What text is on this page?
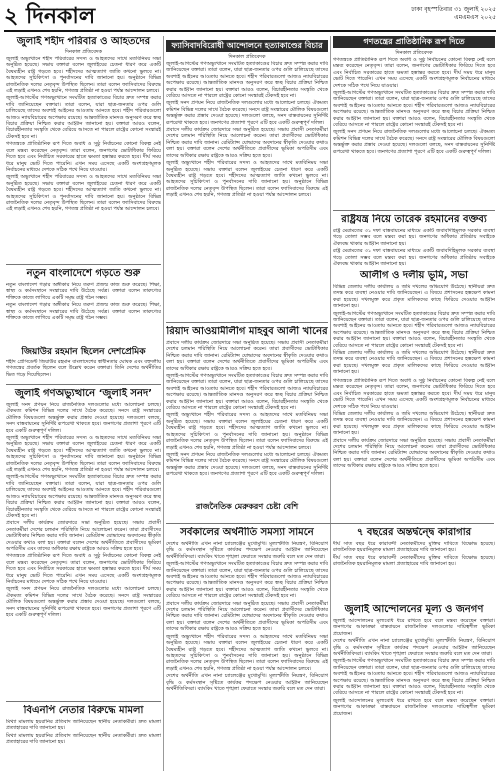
২ দিনকাল	ঢাকা বৃহস্পতিবার ৩১ জুলাই ২০২৫
এমএমএস ২০২৫
জুলাই শহীদ পরিবার ও আহতদের
দিনকাল প্রতিবেদক

জুলাই অভ্যুত্থানে শহীদ পরিবারের সদস্য ও আহতদের সাথে মতবিনিময় সভা অনুষ্ঠিত হয়েছে। সভায় বক্তারা বলেন জুলাইয়ের চেতনা ধারণ করে একটি বৈষম্যহীন রাষ্ট্র গড়তে হবে। শহীদদের আত্মত্যাগ জাতি কখনো ভুলবে না। আহতদের সুচিকিৎসা ও পুনর্বাসনের দাবি জানানো হয়। অনুষ্ঠানে বিভিন্ন রাজনৈতিক দলের নেতৃবৃন্দ উপস্থিত ছিলেন। তারা বলেন ফ্যাসিবাদের বিরুদ্ধে এই লড়াই এখনও শেষ হয়নি, গণতন্ত্র প্রতিষ্ঠা না হওয়া পর্যন্ত আন্দোলন চলবে।

জুলাই-আগস্টের গণঅভ্যুত্থানে সংঘটিত হত্যাকাণ্ডের বিচার দ্রুত সম্পন্ন করার দাবি জানিয়েছেন বক্তারা। তারা বলেন, যারা ছাত্র-জনতার ওপর গুলি চালিয়েছে তাদের অবশ্যই আইনের আওতায় আনতে হবে। শহীদ পরিবারগুলো আজও ন্যায়বিচারের অপেক্ষায় রয়েছে। আন্তর্জাতিক মানদণ্ড অনুসরণ করে স্বচ্ছ বিচার প্রক্রিয়া নিশ্চিত করার আহ্বান জানানো হয়। বক্তারা আরও বলেন, বিচারহীনতার সংস্কৃতি থেকে বেরিয়ে আসতে না পারলে রাষ্ট্রের কোনো সংস্কারই টেকসই হবে না।

গণতন্ত্রকে প্রাতিষ্ঠানিক রূপ দিতে অবাধ ও সুষ্ঠু নির্বাচনের কোনো বিকল্প নেই বলে মন্তব্য করেছেন নেতৃবৃন্দ। তারা বলেন, জনগণের ভোটাধিকার ফিরিয়ে দিতে হবে এবং নির্বাচিত সরকারের হাতে ক্ষমতা হস্তান্তর করতে হবে। দীর্ঘ সময় ধরে মানুষ ভোট দিতে পারেনি। এখন সময় এসেছে একটি অংশগ্রহণমূলক নির্বাচনের মাধ্যমে দেশকে সঠিক পথে নিয়ে যাওয়ার।

জুলাই অভ্যুত্থানে শহীদ পরিবারের সদস্য ও আহতদের সাথে মতবিনিময় সভা অনুষ্ঠিত হয়েছে। সভায় বক্তারা বলেন জুলাইয়ের চেতনা ধারণ করে একটি বৈষম্যহীন রাষ্ট্র গড়তে হবে। শহীদদের আত্মত্যাগ জাতি কখনো ভুলবে না। আহতদের সুচিকিৎসা ও পুনর্বাসনের দাবি জানানো হয়। অনুষ্ঠানে বিভিন্ন রাজনৈতিক দলের নেতৃবৃন্দ উপস্থিত ছিলেন। তারা বলেন ফ্যাসিবাদের বিরুদ্ধে এই লড়াই এখনও শেষ হয়নি, গণতন্ত্র প্রতিষ্ঠা না হওয়া পর্যন্ত আন্দোলন চলবে।

ফ্যাসিবাদবিরোধী আন্দোলনে হত্যাকাণ্ডের বিচার
দিনকাল প্রতিবেদক

জুলাই-আগস্টের গণঅভ্যুত্থানে সংঘটিত হত্যাকাণ্ডের বিচার দ্রুত সম্পন্ন করার দাবি জানিয়েছেন বক্তারা। তারা বলেন, যারা ছাত্র-জনতার ওপর গুলি চালিয়েছে তাদের অবশ্যই আইনের আওতায় আনতে হবে। শহীদ পরিবারগুলো আজও ন্যায়বিচারের অপেক্ষায় রয়েছে। আন্তর্জাতিক মানদণ্ড অনুসরণ করে স্বচ্ছ বিচার প্রক্রিয়া নিশ্চিত করার আহ্বান জানানো হয়। বক্তারা আরও বলেন, বিচারহীনতার সংস্কৃতি থেকে বেরিয়ে আসতে না পারলে রাষ্ট্রের কোনো সংস্কারই টেকসই হবে না।

জুলাই সনদ প্রণয়ন নিয়ে রাজনৈতিক দলগুলোর মধ্যে আলোচনা চলছে। ঐকমত্য কমিশন বিভিন্ন দলের সাথে বৈঠক করেছে। সনদে রাষ্ট্র সংস্কারের মৌলিক বিষয়গুলো অন্তর্ভুক্ত করার প্রস্তাব দেওয়া হয়েছে। দলগুলো বলছে, সনদ বাস্তবায়নের সুনির্দিষ্ট রূপরেখা থাকতে হবে। জনগণের প্রত্যাশা পূরণে এটি হবে একটি গুরুত্বপূর্ণ দলিল।

প্রবাসে দলীয় কার্যক্রম জোরদারে সভা অনুষ্ঠিত হয়েছে। সভায় প্রবাসী নেতাকর্মীরা দেশের চলমান পরিস্থিতি নিয়ে আলোচনা করেন। তারা প্রবাসীদের ভোটাধিকার নিশ্চিত করার দাবি জানান। রেমিট্যান্স যোদ্ধাদের অবদানের স্বীকৃতি দেওয়ার কথাও বলা হয়। বক্তারা বলেন দেশের অর্থনীতিতে প্রবাসীদের ভূমিকা অপরিসীম এবং তাদের অধিকার রক্ষায় রাষ্ট্রকে আরও সক্রিয় হতে হবে।

জুলাই অভ্যুত্থানে শহীদ পরিবারের সদস্য ও আহতদের সাথে মতবিনিময় সভা অনুষ্ঠিত হয়েছে। সভায় বক্তারা বলেন জুলাইয়ের চেতনা ধারণ করে একটি বৈষম্যহীন রাষ্ট্র গড়তে হবে। শহীদদের আত্মত্যাগ জাতি কখনো ভুলবে না। আহতদের সুচিকিৎসা ও পুনর্বাসনের দাবি জানানো হয়। অনুষ্ঠানে বিভিন্ন রাজনৈতিক দলের নেতৃবৃন্দ উপস্থিত ছিলেন। তারা বলেন ফ্যাসিবাদের বিরুদ্ধে এই লড়াই এখনও শেষ হয়নি, গণতন্ত্র প্রতিষ্ঠা না হওয়া পর্যন্ত আন্দোলন চলবে।

গণতন্ত্রের প্রাতিষ্ঠানিক রূপ দিতে
দিনকাল প্রতিবেদক

গণতন্ত্রকে প্রাতিষ্ঠানিক রূপ দিতে অবাধ ও সুষ্ঠু নির্বাচনের কোনো বিকল্প নেই বলে মন্তব্য করেছেন নেতৃবৃন্দ। তারা বলেন, জনগণের ভোটাধিকার ফিরিয়ে দিতে হবে এবং নির্বাচিত সরকারের হাতে ক্ষমতা হস্তান্তর করতে হবে। দীর্ঘ সময় ধরে মানুষ ভোট দিতে পারেনি। এখন সময় এসেছে একটি অংশগ্রহণমূলক নির্বাচনের মাধ্যমে দেশকে সঠিক পথে নিয়ে যাওয়ার।

জুলাই-আগস্টের গণঅভ্যুত্থানে সংঘটিত হত্যাকাণ্ডের বিচার দ্রুত সম্পন্ন করার দাবি জানিয়েছেন বক্তারা। তারা বলেন, যারা ছাত্র-জনতার ওপর গুলি চালিয়েছে তাদের অবশ্যই আইনের আওতায় আনতে হবে। শহীদ পরিবারগুলো আজও ন্যায়বিচারের অপেক্ষায় রয়েছে। আন্তর্জাতিক মানদণ্ড অনুসরণ করে স্বচ্ছ বিচার প্রক্রিয়া নিশ্চিত করার আহ্বান জানানো হয়। বক্তারা আরও বলেন, বিচারহীনতার সংস্কৃতি থেকে বেরিয়ে আসতে না পারলে রাষ্ট্রের কোনো সংস্কারই টেকসই হবে না।

জুলাই সনদ প্রণয়ন নিয়ে রাজনৈতিক দলগুলোর মধ্যে আলোচনা চলছে। ঐকমত্য কমিশন বিভিন্ন দলের সাথে বৈঠক করেছে। সনদে রাষ্ট্র সংস্কারের মৌলিক বিষয়গুলো অন্তর্ভুক্ত করার প্রস্তাব দেওয়া হয়েছে। দলগুলো বলছে, সনদ বাস্তবায়নের সুনির্দিষ্ট রূপরেখা থাকতে হবে। জনগণের প্রত্যাশা পূরণে এটি হবে একটি গুরুত্বপূর্ণ দলিল।

রাষ্ট্রযন্ত্র নিয়ে তারেক রহমানের বক্তব্য

রাষ্ট্র মেরামতের ৩১ দফা বাস্তবায়নের মাধ্যমে একটি জবাবদিহিমূলক সরকার ব্যবস্থা গড়ে তোলা সম্ভব বলে মন্তব্য করা হয়। জনগণের অধিকার প্রতিষ্ঠায় সবাইকে ঐক্যবদ্ধ থাকার আহ্বান জানানো হয়।

রাষ্ট্র মেরামতের ৩১ দফা বাস্তবায়নের মাধ্যমে একটি জবাবদিহিমূলক সরকার ব্যবস্থা গড়ে তোলা সম্ভব বলে মন্তব্য করা হয়। জনগণের অধিকার প্রতিষ্ঠায় সবাইকে ঐক্যবদ্ধ থাকার আহ্বান জানানো হয়।

আলীগ ও দলীয় ভূমি, সভা

বিভিন্ন জেলায় দলীয় কার্যালয় ও জমি দখলের অভিযোগ উঠেছে। স্থানীয়রা দ্রুত তদন্ত করে ব্যবস্থা নেওয়ার দাবি জানিয়েছেন। এ বিষয়ে প্রশাসনের হস্তক্ষেপ কামনা করা হয়েছে। দখলমুক্ত করে প্রকৃত মালিকদের কাছে ফিরিয়ে দেওয়ার আহ্বান জানানো হয়।

জুলাই-আগস্টের গণঅভ্যুত্থানে সংঘটিত হত্যাকাণ্ডের বিচার দ্রুত সম্পন্ন করার দাবি জানিয়েছেন বক্তারা। তারা বলেন, যারা ছাত্র-জনতার ওপর গুলি চালিয়েছে তাদের অবশ্যই আইনের আওতায় আনতে হবে। শহীদ পরিবারগুলো আজও ন্যায়বিচারের অপেক্ষায় রয়েছে। আন্তর্জাতিক মানদণ্ড অনুসরণ করে স্বচ্ছ বিচার প্রক্রিয়া নিশ্চিত করার আহ্বান জানানো হয়। বক্তারা আরও বলেন, বিচারহীনতার সংস্কৃতি থেকে বেরিয়ে আসতে না পারলে রাষ্ট্রের কোনো সংস্কারই টেকসই হবে না।

বিভিন্ন জেলায় দলীয় কার্যালয় ও জমি দখলের অভিযোগ উঠেছে। স্থানীয়রা দ্রুত তদন্ত করে ব্যবস্থা নেওয়ার দাবি জানিয়েছেন। এ বিষয়ে প্রশাসনের হস্তক্ষেপ কামনা করা হয়েছে। দখলমুক্ত করে প্রকৃত মালিকদের কাছে ফিরিয়ে দেওয়ার আহ্বান জানানো হয়।

নতুন বাংলাদেশে গড়তে শুরু

নতুন বাংলাদেশ গড়ার অঙ্গীকার নিয়ে তরুণ প্রজন্ম কাজ শুরু করেছে। শিক্ষা, স্বাস্থ্য ও কর্মসংস্থানে সংস্কারের দাবি উঠেছে সর্বত্র। বক্তারা বলেন তারুণ্যের শক্তিকে কাজে লাগিয়ে একটি সমৃদ্ধ রাষ্ট্র গঠন সম্ভব।

নতুন বাংলাদেশ গড়ার অঙ্গীকার নিয়ে তরুণ প্রজন্ম কাজ শুরু করেছে। শিক্ষা, স্বাস্থ্য ও কর্মসংস্থানে সংস্কারের দাবি উঠেছে সর্বত্র। বক্তারা বলেন তারুণ্যের শক্তিকে কাজে লাগিয়ে একটি সমৃদ্ধ রাষ্ট্র গঠন সম্ভব।

জিয়াউর রহমান ছিলেন দেশপ্রেমিক

শহীদ প্রেসিডেন্ট জিয়াউর রহমান বাংলাদেশের স্বাধীনতার ঘোষক এবং বহুদলীয় গণতন্ত্রের প্রবর্তক ছিলেন বলে উল্লেখ করেন বক্তারা। তিনি দেশের অর্থনীতির ভিত গড়ে দিয়েছিলেন।

জুলাই গণঅভ্যুত্থানে ‘জুলাই সনদ’

জুলাই সনদ প্রণয়ন নিয়ে রাজনৈতিক দলগুলোর মধ্যে আলোচনা চলছে। ঐকমত্য কমিশন বিভিন্ন দলের সাথে বৈঠক করেছে। সনদে রাষ্ট্র সংস্কারের মৌলিক বিষয়গুলো অন্তর্ভুক্ত করার প্রস্তাব দেওয়া হয়েছে। দলগুলো বলছে, সনদ বাস্তবায়নের সুনির্দিষ্ট রূপরেখা থাকতে হবে। জনগণের প্রত্যাশা পূরণে এটি হবে একটি গুরুত্বপূর্ণ দলিল।

জুলাই অভ্যুত্থানে শহীদ পরিবারের সদস্য ও আহতদের সাথে মতবিনিময় সভা অনুষ্ঠিত হয়েছে। সভায় বক্তারা বলেন জুলাইয়ের চেতনা ধারণ করে একটি বৈষম্যহীন রাষ্ট্র গড়তে হবে। শহীদদের আত্মত্যাগ জাতি কখনো ভুলবে না। আহতদের সুচিকিৎসা ও পুনর্বাসনের দাবি জানানো হয়। অনুষ্ঠানে বিভিন্ন রাজনৈতিক দলের নেতৃবৃন্দ উপস্থিত ছিলেন। তারা বলেন ফ্যাসিবাদের বিরুদ্ধে এই লড়াই এখনও শেষ হয়নি, গণতন্ত্র প্রতিষ্ঠা না হওয়া পর্যন্ত আন্দোলন চলবে।

জুলাই-আগস্টের গণঅভ্যুত্থানে সংঘটিত হত্যাকাণ্ডের বিচার দ্রুত সম্পন্ন করার দাবি জানিয়েছেন বক্তারা। তারা বলেন, যারা ছাত্র-জনতার ওপর গুলি চালিয়েছে তাদের অবশ্যই আইনের আওতায় আনতে হবে। শহীদ পরিবারগুলো আজও ন্যায়বিচারের অপেক্ষায় রয়েছে। আন্তর্জাতিক মানদণ্ড অনুসরণ করে স্বচ্ছ বিচার প্রক্রিয়া নিশ্চিত করার আহ্বান জানানো হয়। বক্তারা আরও বলেন, বিচারহীনতার সংস্কৃতি থেকে বেরিয়ে আসতে না পারলে রাষ্ট্রের কোনো সংস্কারই টেকসই হবে না।

প্রবাসে দলীয় কার্যক্রম জোরদারে সভা অনুষ্ঠিত হয়েছে। সভায় প্রবাসী নেতাকর্মীরা দেশের চলমান পরিস্থিতি নিয়ে আলোচনা করেন। তারা প্রবাসীদের ভোটাধিকার নিশ্চিত করার দাবি জানান। রেমিট্যান্স যোদ্ধাদের অবদানের স্বীকৃতি দেওয়ার কথাও বলা হয়। বক্তারা বলেন দেশের অর্থনীতিতে প্রবাসীদের ভূমিকা অপরিসীম এবং তাদের অধিকার রক্ষায় রাষ্ট্রকে আরও সক্রিয় হতে হবে।

গণতন্ত্রকে প্রাতিষ্ঠানিক রূপ দিতে অবাধ ও সুষ্ঠু নির্বাচনের কোনো বিকল্প নেই বলে মন্তব্য করেছেন নেতৃবৃন্দ। তারা বলেন, জনগণের ভোটাধিকার ফিরিয়ে দিতে হবে এবং নির্বাচিত সরকারের হাতে ক্ষমতা হস্তান্তর করতে হবে। দীর্ঘ সময় ধরে মানুষ ভোট দিতে পারেনি। এখন সময় এসেছে একটি অংশগ্রহণমূলক নির্বাচনের মাধ্যমে দেশকে সঠিক পথে নিয়ে যাওয়ার।

জুলাই সনদ প্রণয়ন নিয়ে রাজনৈতিক দলগুলোর মধ্যে আলোচনা চলছে। ঐকমত্য কমিশন বিভিন্ন দলের সাথে বৈঠক করেছে। সনদে রাষ্ট্র সংস্কারের মৌলিক বিষয়গুলো অন্তর্ভুক্ত করার প্রস্তাব দেওয়া হয়েছে। দলগুলো বলছে, সনদ বাস্তবায়নের সুনির্দিষ্ট রূপরেখা থাকতে হবে। জনগণের প্রত্যাশা পূরণে এটি হবে একটি গুরুত্বপূর্ণ দলিল।

রিয়াদ আওয়ামীলীগ মাহবুব আলী খানের

প্রবাসে দলীয় কার্যক্রম জোরদারে সভা অনুষ্ঠিত হয়েছে। সভায় প্রবাসী নেতাকর্মীরা দেশের চলমান পরিস্থিতি নিয়ে আলোচনা করেন। তারা প্রবাসীদের ভোটাধিকার নিশ্চিত করার দাবি জানান। রেমিট্যান্স যোদ্ধাদের অবদানের স্বীকৃতি দেওয়ার কথাও বলা হয়। বক্তারা বলেন দেশের অর্থনীতিতে প্রবাসীদের ভূমিকা অপরিসীম এবং তাদের অধিকার রক্ষায় রাষ্ট্রকে আরও সক্রিয় হতে হবে।

জুলাই-আগস্টের গণঅভ্যুত্থানে সংঘটিত হত্যাকাণ্ডের বিচার দ্রুত সম্পন্ন করার দাবি জানিয়েছেন বক্তারা। তারা বলেন, যারা ছাত্র-জনতার ওপর গুলি চালিয়েছে তাদের অবশ্যই আইনের আওতায় আনতে হবে। শহীদ পরিবারগুলো আজও ন্যায়বিচারের অপেক্ষায় রয়েছে। আন্তর্জাতিক মানদণ্ড অনুসরণ করে স্বচ্ছ বিচার প্রক্রিয়া নিশ্চিত করার আহ্বান জানানো হয়। বক্তারা আরও বলেন, বিচারহীনতার সংস্কৃতি থেকে বেরিয়ে আসতে না পারলে রাষ্ট্রের কোনো সংস্কারই টেকসই হবে না।

জুলাই অভ্যুত্থানে শহীদ পরিবারের সদস্য ও আহতদের সাথে মতবিনিময় সভা অনুষ্ঠিত হয়েছে। সভায় বক্তারা বলেন জুলাইয়ের চেতনা ধারণ করে একটি বৈষম্যহীন রাষ্ট্র গড়তে হবে। শহীদদের আত্মত্যাগ জাতি কখনো ভুলবে না। আহতদের সুচিকিৎসা ও পুনর্বাসনের দাবি জানানো হয়। অনুষ্ঠানে বিভিন্ন রাজনৈতিক দলের নেতৃবৃন্দ উপস্থিত ছিলেন। তারা বলেন ফ্যাসিবাদের বিরুদ্ধে এই লড়াই এখনও শেষ হয়নি, গণতন্ত্র প্রতিষ্ঠা না হওয়া পর্যন্ত আন্দোলন চলবে।

জুলাই সনদ প্রণয়ন নিয়ে রাজনৈতিক দলগুলোর মধ্যে আলোচনা চলছে। ঐকমত্য কমিশন বিভিন্ন দলের সাথে বৈঠক করেছে। সনদে রাষ্ট্র সংস্কারের মৌলিক বিষয়গুলো অন্তর্ভুক্ত করার প্রস্তাব দেওয়া হয়েছে। দলগুলো বলছে, সনদ বাস্তবায়নের সুনির্দিষ্ট রূপরেখা থাকতে হবে। জনগণের প্রত্যাশা পূরণে এটি হবে একটি গুরুত্বপূর্ণ দলিল।

রাজনৈতিক মেরুকরণ চেষ্টা বেশি
সর্বকালের অর্থনীতি সমস্যা সামনে

দেশের অর্থনীতি এখন নানা চ্যালেঞ্জের মুখোমুখি। মূল্যস্ফীতি নিয়ন্ত্রণ, বিনিয়োগ বৃদ্ধি ও কর্মসংস্থান সৃষ্টিতে কার্যকর পদক্ষেপ নেওয়ার আহ্বান জানিয়েছেন অর্থনীতিবিদরা। ব্যাংকিং খাতে শৃঙ্খলা ফেরাতে সংস্কার জরুরি বলে মত দেন তারা।

জুলাই-আগস্টের গণঅভ্যুত্থানে সংঘটিত হত্যাকাণ্ডের বিচার দ্রুত সম্পন্ন করার দাবি জানিয়েছেন বক্তারা। তারা বলেন, যারা ছাত্র-জনতার ওপর গুলি চালিয়েছে তাদের অবশ্যই আইনের আওতায় আনতে হবে। শহীদ পরিবারগুলো আজও ন্যায়বিচারের অপেক্ষায় রয়েছে। আন্তর্জাতিক মানদণ্ড অনুসরণ করে স্বচ্ছ বিচার প্রক্রিয়া নিশ্চিত করার আহ্বান জানানো হয়। বক্তারা আরও বলেন, বিচারহীনতার সংস্কৃতি থেকে বেরিয়ে আসতে না পারলে রাষ্ট্রের কোনো সংস্কারই টেকসই হবে না।

প্রবাসে দলীয় কার্যক্রম জোরদারে সভা অনুষ্ঠিত হয়েছে। সভায় প্রবাসী নেতাকর্মীরা দেশের চলমান পরিস্থিতি নিয়ে আলোচনা করেন। তারা প্রবাসীদের ভোটাধিকার নিশ্চিত করার দাবি জানান। রেমিট্যান্স যোদ্ধাদের অবদানের স্বীকৃতি দেওয়ার কথাও বলা হয়। বক্তারা বলেন দেশের অর্থনীতিতে প্রবাসীদের ভূমিকা অপরিসীম এবং তাদের অধিকার রক্ষায় রাষ্ট্রকে আরও সক্রিয় হতে হবে।

জুলাই অভ্যুত্থানে শহীদ পরিবারের সদস্য ও আহতদের সাথে মতবিনিময় সভা অনুষ্ঠিত হয়েছে। সভায় বক্তারা বলেন জুলাইয়ের চেতনা ধারণ করে একটি বৈষম্যহীন রাষ্ট্র গড়তে হবে। শহীদদের আত্মত্যাগ জাতি কখনো ভুলবে না। আহতদের সুচিকিৎসা ও পুনর্বাসনের দাবি জানানো হয়। অনুষ্ঠানে বিভিন্ন রাজনৈতিক দলের নেতৃবৃন্দ উপস্থিত ছিলেন। তারা বলেন ফ্যাসিবাদের বিরুদ্ধে এই লড়াই এখনও শেষ হয়নি, গণতন্ত্র প্রতিষ্ঠা না হওয়া পর্যন্ত আন্দোলন চলবে।

দেশের অর্থনীতি এখন নানা চ্যালেঞ্জের মুখোমুখি। মূল্যস্ফীতি নিয়ন্ত্রণ, বিনিয়োগ বৃদ্ধি ও কর্মসংস্থান সৃষ্টিতে কার্যকর পদক্ষেপ নেওয়ার আহ্বান জানিয়েছেন অর্থনীতিবিদরা। ব্যাংকিং খাতে শৃঙ্খলা ফেরাতে সংস্কার জরুরি বলে মত দেন তারা।

গণতন্ত্রকে প্রাতিষ্ঠানিক রূপ দিতে অবাধ ও সুষ্ঠু নির্বাচনের কোনো বিকল্প নেই বলে মন্তব্য করেছেন নেতৃবৃন্দ। তারা বলেন, জনগণের ভোটাধিকার ফিরিয়ে দিতে হবে এবং নির্বাচিত সরকারের হাতে ক্ষমতা হস্তান্তর করতে হবে। দীর্ঘ সময় ধরে মানুষ ভোট দিতে পারেনি। এখন সময় এসেছে একটি অংশগ্রহণমূলক নির্বাচনের মাধ্যমে দেশকে সঠিক পথে নিয়ে যাওয়ার।

বিভিন্ন জেলায় দলীয় কার্যালয় ও জমি দখলের অভিযোগ উঠেছে। স্থানীয়রা দ্রুত তদন্ত করে ব্যবস্থা নেওয়ার দাবি জানিয়েছেন। এ বিষয়ে প্রশাসনের হস্তক্ষেপ কামনা করা হয়েছে। দখলমুক্ত করে প্রকৃত মালিকদের কাছে ফিরিয়ে দেওয়ার আহ্বান জানানো হয়।

প্রবাসে দলীয় কার্যক্রম জোরদারে সভা অনুষ্ঠিত হয়েছে। সভায় প্রবাসী নেতাকর্মীরা দেশের চলমান পরিস্থিতি নিয়ে আলোচনা করেন। তারা প্রবাসীদের ভোটাধিকার নিশ্চিত করার দাবি জানান। রেমিট্যান্স যোদ্ধাদের অবদানের স্বীকৃতি দেওয়ার কথাও বলা হয়। বক্তারা বলেন দেশের অর্থনীতিতে প্রবাসীদের ভূমিকা অপরিসীম এবং তাদের অধিকার রক্ষায় রাষ্ট্রকে আরও সক্রিয় হতে হবে।

৭ বছরের অন্তর্দ্বন্দ্বে কারাগার

দীর্ঘ সাত বছর ধরে কারাবন্দী নেতাকর্মীদের মুক্তির দাবিতে বিক্ষোভ হয়েছে। রাজনৈতিক হয়রানিমূলক মামলা প্রত্যাহারের দাবি জানানো হয়।

দীর্ঘ সাত বছর ধরে কারাবন্দী নেতাকর্মীদের মুক্তির দাবিতে বিক্ষোভ হয়েছে। রাজনৈতিক হয়রানিমূলক মামলা প্রত্যাহারের দাবি জানানো হয়।

জুলাই আন্দোলনের মূল্য ও জনগণ

জুলাই আন্দোলনের মূল্যবোধ ধরে রাখতে হবে বলে মন্তব্য করেছেন বক্তারা। জনগণের আকাঙ্ক্ষা বাস্তবায়নে রাজনৈতিক দলগুলোর দায়িত্বশীল ভূমিকা প্রয়োজন।

দেশের অর্থনীতি এখন নানা চ্যালেঞ্জের মুখোমুখি। মূল্যস্ফীতি নিয়ন্ত্রণ, বিনিয়োগ বৃদ্ধি ও কর্মসংস্থান সৃষ্টিতে কার্যকর পদক্ষেপ নেওয়ার আহ্বান জানিয়েছেন অর্থনীতিবিদরা। ব্যাংকিং খাতে শৃঙ্খলা ফেরাতে সংস্কার জরুরি বলে মত দেন তারা।

জুলাই-আগস্টের গণঅভ্যুত্থানে সংঘটিত হত্যাকাণ্ডের বিচার দ্রুত সম্পন্ন করার দাবি জানিয়েছেন বক্তারা। তারা বলেন, যারা ছাত্র-জনতার ওপর গুলি চালিয়েছে তাদের অবশ্যই আইনের আওতায় আনতে হবে। শহীদ পরিবারগুলো আজও ন্যায়বিচারের অপেক্ষায় রয়েছে। আন্তর্জাতিক মানদণ্ড অনুসরণ করে স্বচ্ছ বিচার প্রক্রিয়া নিশ্চিত করার আহ্বান জানানো হয়। বক্তারা আরও বলেন, বিচারহীনতার সংস্কৃতি থেকে বেরিয়ে আসতে না পারলে রাষ্ট্রের কোনো সংস্কারই টেকসই হবে না।

জুলাই আন্দোলনের মূল্যবোধ ধরে রাখতে হবে বলে মন্তব্য করেছেন বক্তারা। জনগণের আকাঙ্ক্ষা বাস্তবায়নে রাজনৈতিক দলগুলোর দায়িত্বশীল ভূমিকা প্রয়োজন।

বিএনপি নেতার বিরুদ্ধে মামলা

মিথ্যা মামলায় হয়রানির প্রতিবাদ জানিয়েছেন স্থানীয় নেতাকর্মীরা। দ্রুত মামলা প্রত্যাহারের দাবি জানানো হয়।

মিথ্যা মামলায় হয়রানির প্রতিবাদ জানিয়েছেন স্থানীয় নেতাকর্মীরা। দ্রুত মামলা প্রত্যাহারের দাবি জানানো হয়।
